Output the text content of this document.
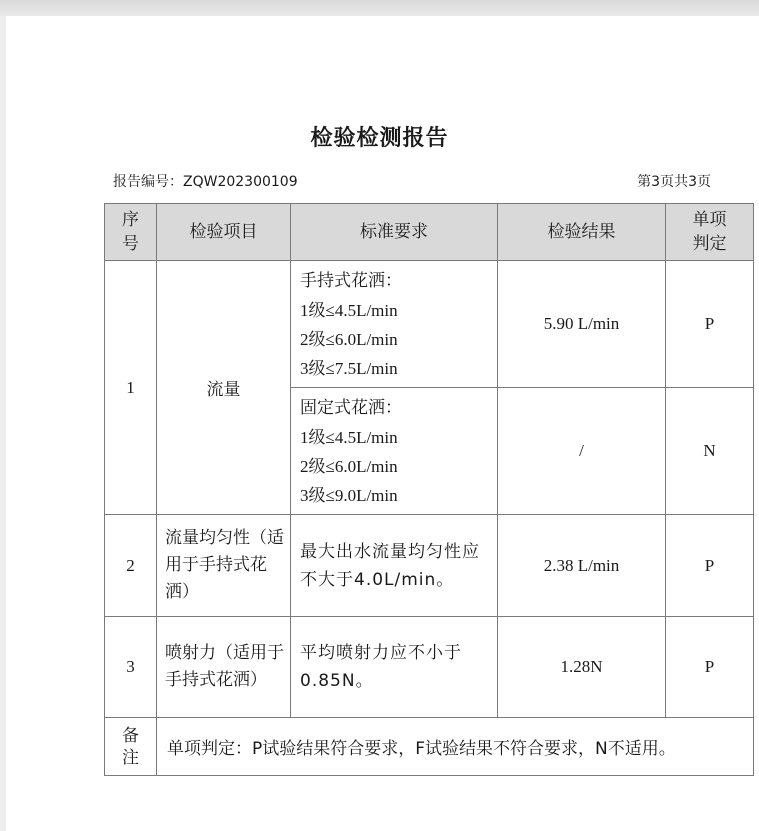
检验检测报告
报告编号：ZQW202300109	第3页共3页
序号	检验项目	标准要求	检验结果	单项判定
1	流量	手持式花洒：
1级≤4.5L/min
2级≤6.0L/min
3级≤7.5L/min	5.90 L/min	P

		固定式花洒：
1级≤4.5L/min
2级≤6.0L/min
3级≤9.0L/min	/	N
2	流量均匀性（适用于手持式花洒）	最大出水流量均匀性应不大于4.0L/min。	2.38 L/min	P
3	喷射力（适用于手持式花洒）	平均喷射力应不小于0.85N。	1.28N	P
备注	单项判定：P试验结果符合要求，F试验结果不符合要求，N不适用。			
